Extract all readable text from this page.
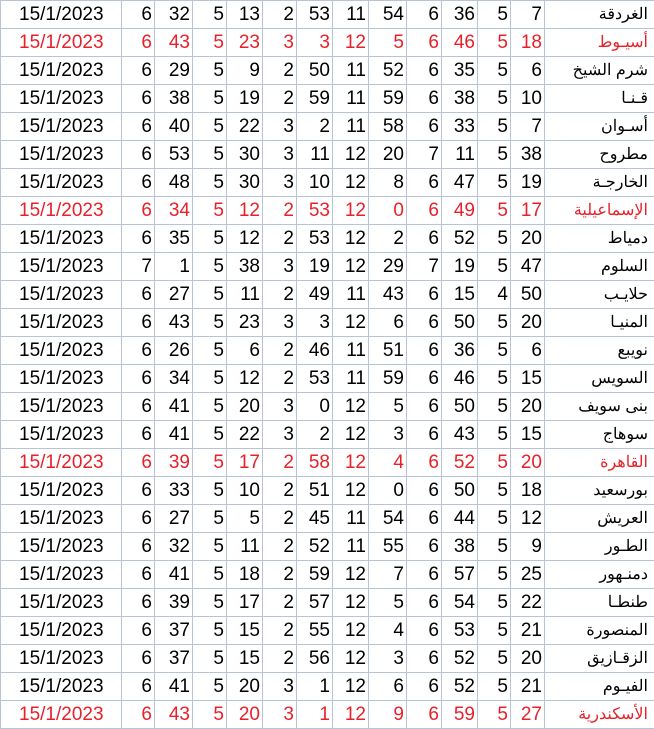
15/1/2023	6	32	5	13	2	53	11	54	6	36	5	7	الغردقة
15/1/2023	6	43	5	23	3	3	12	5	6	46	5	18	أسيـوط
15/1/2023	6	29	5	9	2	50	11	52	6	35	5	6	شرم الشيخ
15/1/2023	6	38	5	19	2	59	11	59	6	38	5	10	قـنـا
15/1/2023	6	40	5	22	3	2	11	58	6	33	5	7	أسـوان
15/1/2023	6	53	5	30	3	11	12	20	7	11	5	38	مطروح
15/1/2023	6	48	5	30	3	10	12	8	6	47	5	19	الخارجـة
15/1/2023	6	34	5	12	2	53	12	0	6	49	5	17	الإسماعيلية
15/1/2023	6	35	5	12	2	53	12	2	6	52	5	20	دمياط
15/1/2023	7	1	5	38	3	19	12	29	7	19	5	47	السلوم
15/1/2023	6	27	5	11	2	49	11	43	6	15	4	50	حلايـب
15/1/2023	6	43	5	23	3	3	12	6	6	50	5	20	المنيـا
15/1/2023	6	26	5	6	2	46	11	51	6	36	5	6	نويبع
15/1/2023	6	34	5	12	2	53	11	59	6	46	5	15	السويس
15/1/2023	6	41	5	20	3	0	12	5	6	50	5	20	بنى سويف
15/1/2023	6	41	5	22	3	2	12	3	6	43	5	15	سوهاج
15/1/2023	6	39	5	17	2	58	12	4	6	52	5	20	القاهرة
15/1/2023	6	33	5	10	2	51	12	0	6	50	5	18	بورسعيد
15/1/2023	6	27	5	5	2	45	11	54	6	44	5	12	العريش
15/1/2023	6	32	5	11	2	52	11	55	6	38	5	9	الطـور
15/1/2023	6	41	5	18	2	59	12	7	6	57	5	25	دمنـهور
15/1/2023	6	39	5	17	2	57	12	5	6	54	5	22	طنطـا
15/1/2023	6	37	5	15	2	55	12	4	6	53	5	21	المنصورة
15/1/2023	6	37	5	15	2	56	12	3	6	52	5	20	الزقـازيق
15/1/2023	6	41	5	20	3	1	12	6	6	52	5	21	الفيـوم
15/1/2023	6	43	5	20	3	1	12	9	6	59	5	27	الأسكندرية
